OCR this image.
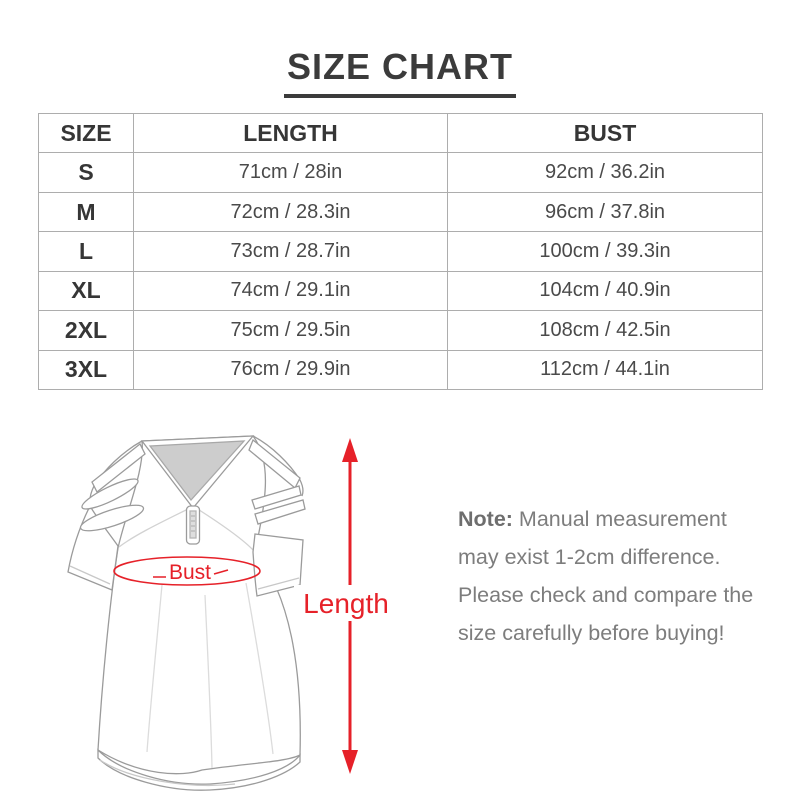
SIZE CHART
SIZE	LENGTH	BUST
S	71cm / 28in	92cm / 36.2in
M	72cm / 28.3in	96cm / 37.8in
L	73cm / 28.7in	100cm / 39.3in
XL	74cm / 29.1in	104cm / 40.9in
2XL	75cm / 29.5in	108cm / 42.5in
3XL	76cm / 29.9in	112cm / 44.1in
Bust
Length
Note: Manual measurement may exist 1-2cm difference. Please check and compare the size carefully before buying!
